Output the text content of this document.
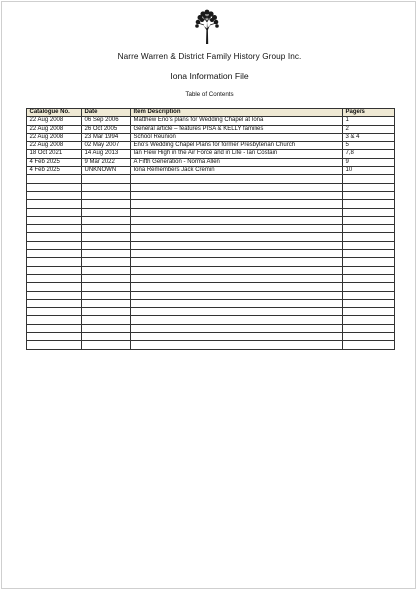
Narre Warren & District Family History Group Inc.
Iona Information File
Table of Contents
Catalogue No.	Date	Item Description	Page/s
22 Aug 2008	06 Sep 2006	Matthew Eno’s plans for Wedding Chapel at Iona	1
22 Aug 2008	26 Oct 2005	General article – features PISA & KELLY families	2
22 Aug 2008	23 Mar 1994	School Reunion	3 & 4
22 Aug 2008	02 May 2007	Eno’s Wedding Chapel Plans for former Presbyterian Church	5
18 Oct 2021	14 Aug 2013	Ian Flew High in the Air Force and in Life - Ian Costain	7,8
4 Feb 2025	9 Mar 2022	A Fifth Generation - Norma Allen	9
4 Feb 2025	UNKNOWN	Iona Remembers Jack Cremin	10
